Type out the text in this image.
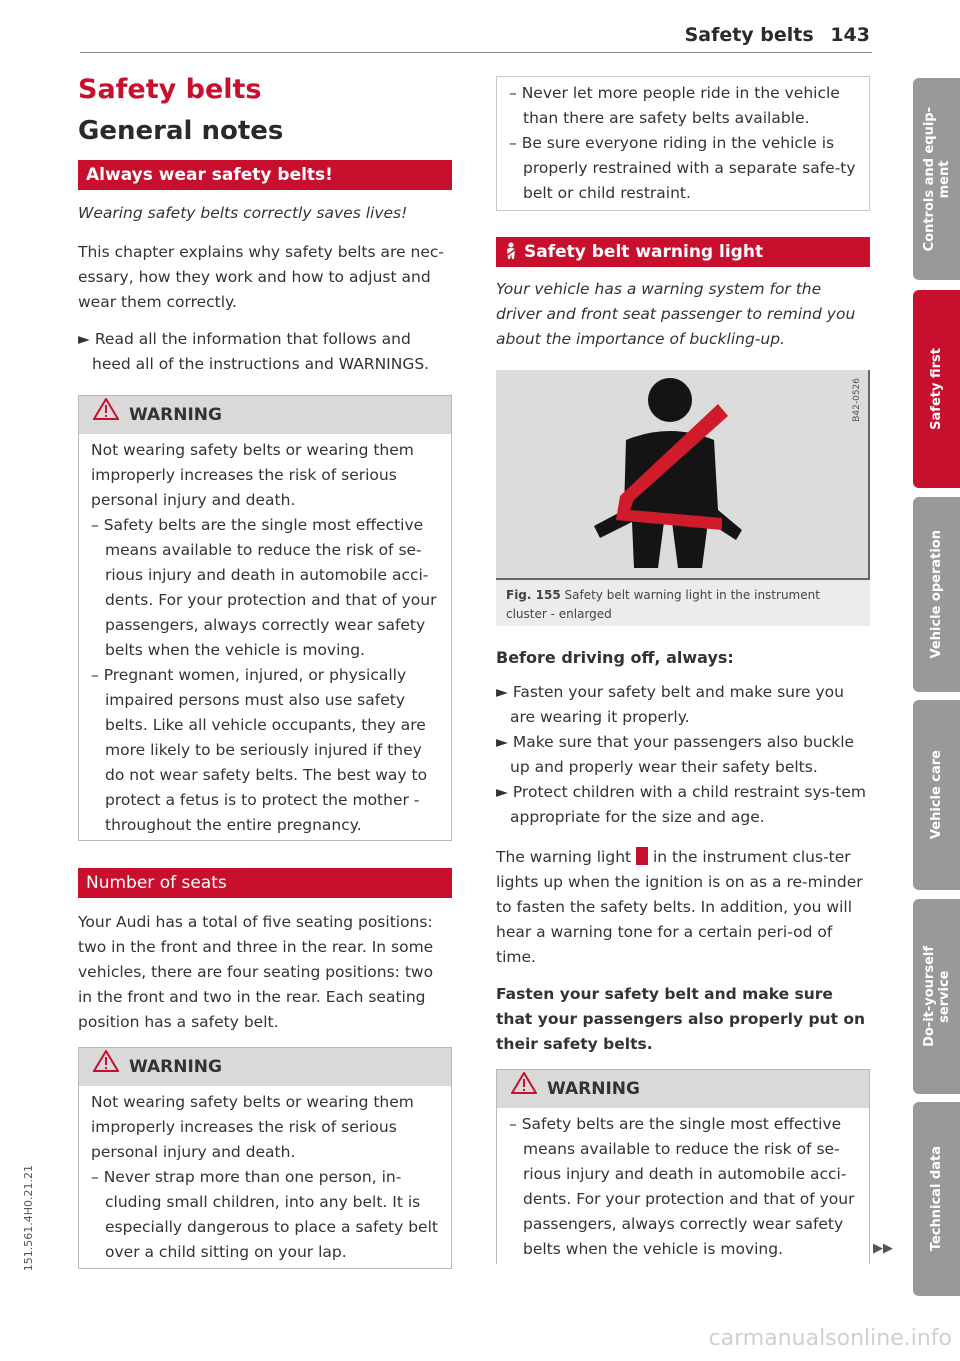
Safety belts 143
Safety belts
General notes
Always wear safety belts!
Wearing safety belts correctly saves lives!
This chapter explains why safety belts are nec-essary, how they work and how to adjust and wear them correctly.
► Read all the information that follows and heed all of the instructions and WARNINGS.
WARNING
Not wearing safety belts or wearing them improperly increases the risk of serious personal injury and death.
– Safety belts are the single most effective means available to reduce the risk of se-rious injury and death in automobile acci-dents. For your protection and that of your passengers, always correctly wear safety belts when the vehicle is moving.
– Pregnant women, injured, or physically impaired persons must also use safety belts. Like all vehicle occupants, they are more likely to be seriously injured if they do not wear safety belts. The best way to protect a fetus is to protect the mother - throughout the entire pregnancy.
Number of seats
Your Audi has a total of five seating positions: two in the front and three in the rear. In some vehicles, there are four seating positions: two in the front and two in the rear. Each seating position has a safety belt.
WARNING
Not wearing safety belts or wearing them improperly increases the risk of serious personal injury and death.
– Never strap more than one person, in-cluding small children, into any belt. It is especially dangerous to place a safety belt over a child sitting on your lap.
– Never let more people ride in the vehicle than there are safety belts available.
– Be sure everyone riding in the vehicle is properly restrained with a separate safe-ty belt or child restraint.
Safety belt warning light
Your vehicle has a warning system for the driver and front seat passenger to remind you about the importance of buckling-up.
B42-0526
Fig. 155 Safety belt warning light in the instrument cluster - enlarged
Before driving off, always:
► Fasten your safety belt and make sure you are wearing it properly.
► Make sure that your passengers also buckle up and properly wear their safety belts.
► Protect children with a child restraint sys-tem appropriate for the size and age.
The warning light in the instrument clus-ter lights up when the ignition is on as a re-minder to fasten the safety belts. In addition, you will hear a warning tone for a certain peri-od of time.
Fasten your safety belt and make sure that your passengers also properly put on their safety belts.
WARNING
– Safety belts are the single most effective means available to reduce the risk of se-rious injury and death in automobile acci-dents. For your protection and that of your passengers, always correctly wear safety belts when the vehicle is moving.	▶▶
Controls and equip-
ment
Safety first
Vehicle operation
Vehicle care
Do-it-yourself
service
Technical data
151.561.4H0.21.21
carmanualsonline.info
